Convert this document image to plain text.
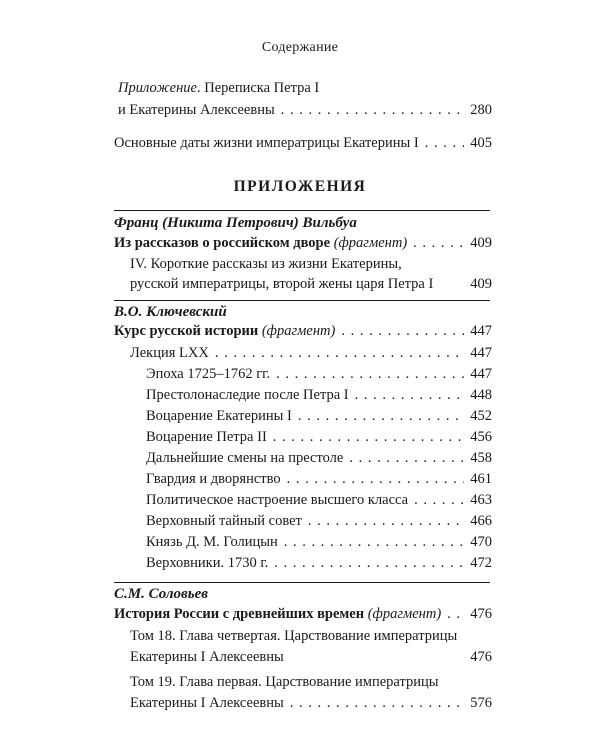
Содержание
Приложение. Переписка Петра I
и Екатерины Алексеевны . . .	280
Основные даты жизни императрицы Екатерины I . . .	405
ПРИЛОЖЕНИЯ
Франц (Никита Петрович) Вильбуа
Из рассказов о российском дворе (фрагмент) . . .	409
IV. Короткие рассказы из жизни Екатерины,
русской императрицы, второй жены царя Петра I	409
В.О. Ключевский
Курс русской истории (фрагмент) . . .	447
Лекция LXX . . .	447
Эпоха 1725–1762 гг. . . .	447
Престолонаследие после Петра I . . .	448
Воцарение Екатерины I . . .	452
Воцарение Петра II . . .	456
Дальнейшие смены на престоле . . .	458
Гвардия и дворянство . . .	461
Политическое настроение высшего класса . . .	463
Верховный тайный совет . . .	466
Князь Д. М. Голицын . . .	470
Верховники. 1730 г. . . .	472
С.М. Соловьев
История России с древнейших времен (фрагмент) . . . 476
Том 18. Глава четвертая. Царствование императрицы
Екатерины I Алексеевны	476
Том 19. Глава первая. Царствование императрицы
Екатерины I Алексеевны . . .	576
